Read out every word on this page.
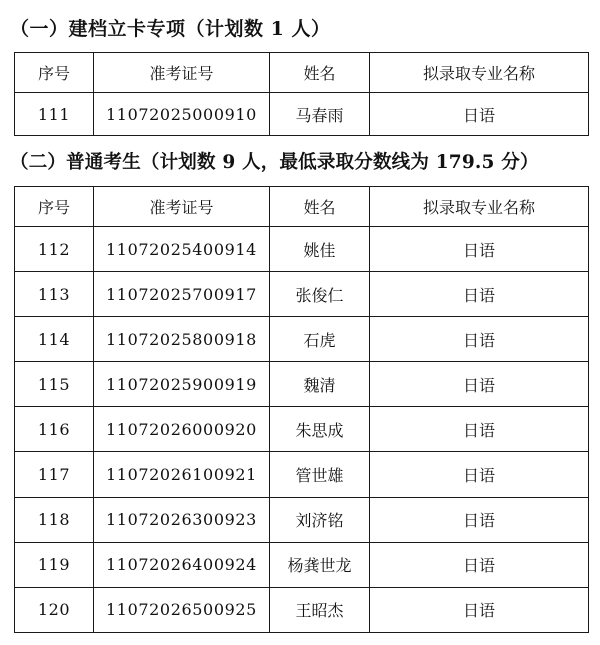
（一）建档立卡专项（计划数 1 人）
序号	准考证号	姓名	拟录取专业名称
111	11072025000910	马春雨	日语
（二）普通考生（计划数 9 人，最低录取分数线为 179.5 分）
序号	准考证号	姓名	拟录取专业名称
112	11072025400914	姚佳	日语
113	11072025700917	张俊仁	日语
114	11072025800918	石虎	日语
115	11072025900919	魏清	日语
116	11072026000920	朱思成	日语
117	11072026100921	管世雄	日语
118	11072026300923	刘济铭	日语
119	11072026400924	杨龚世龙	日语
120	11072026500925	王昭杰	日语
